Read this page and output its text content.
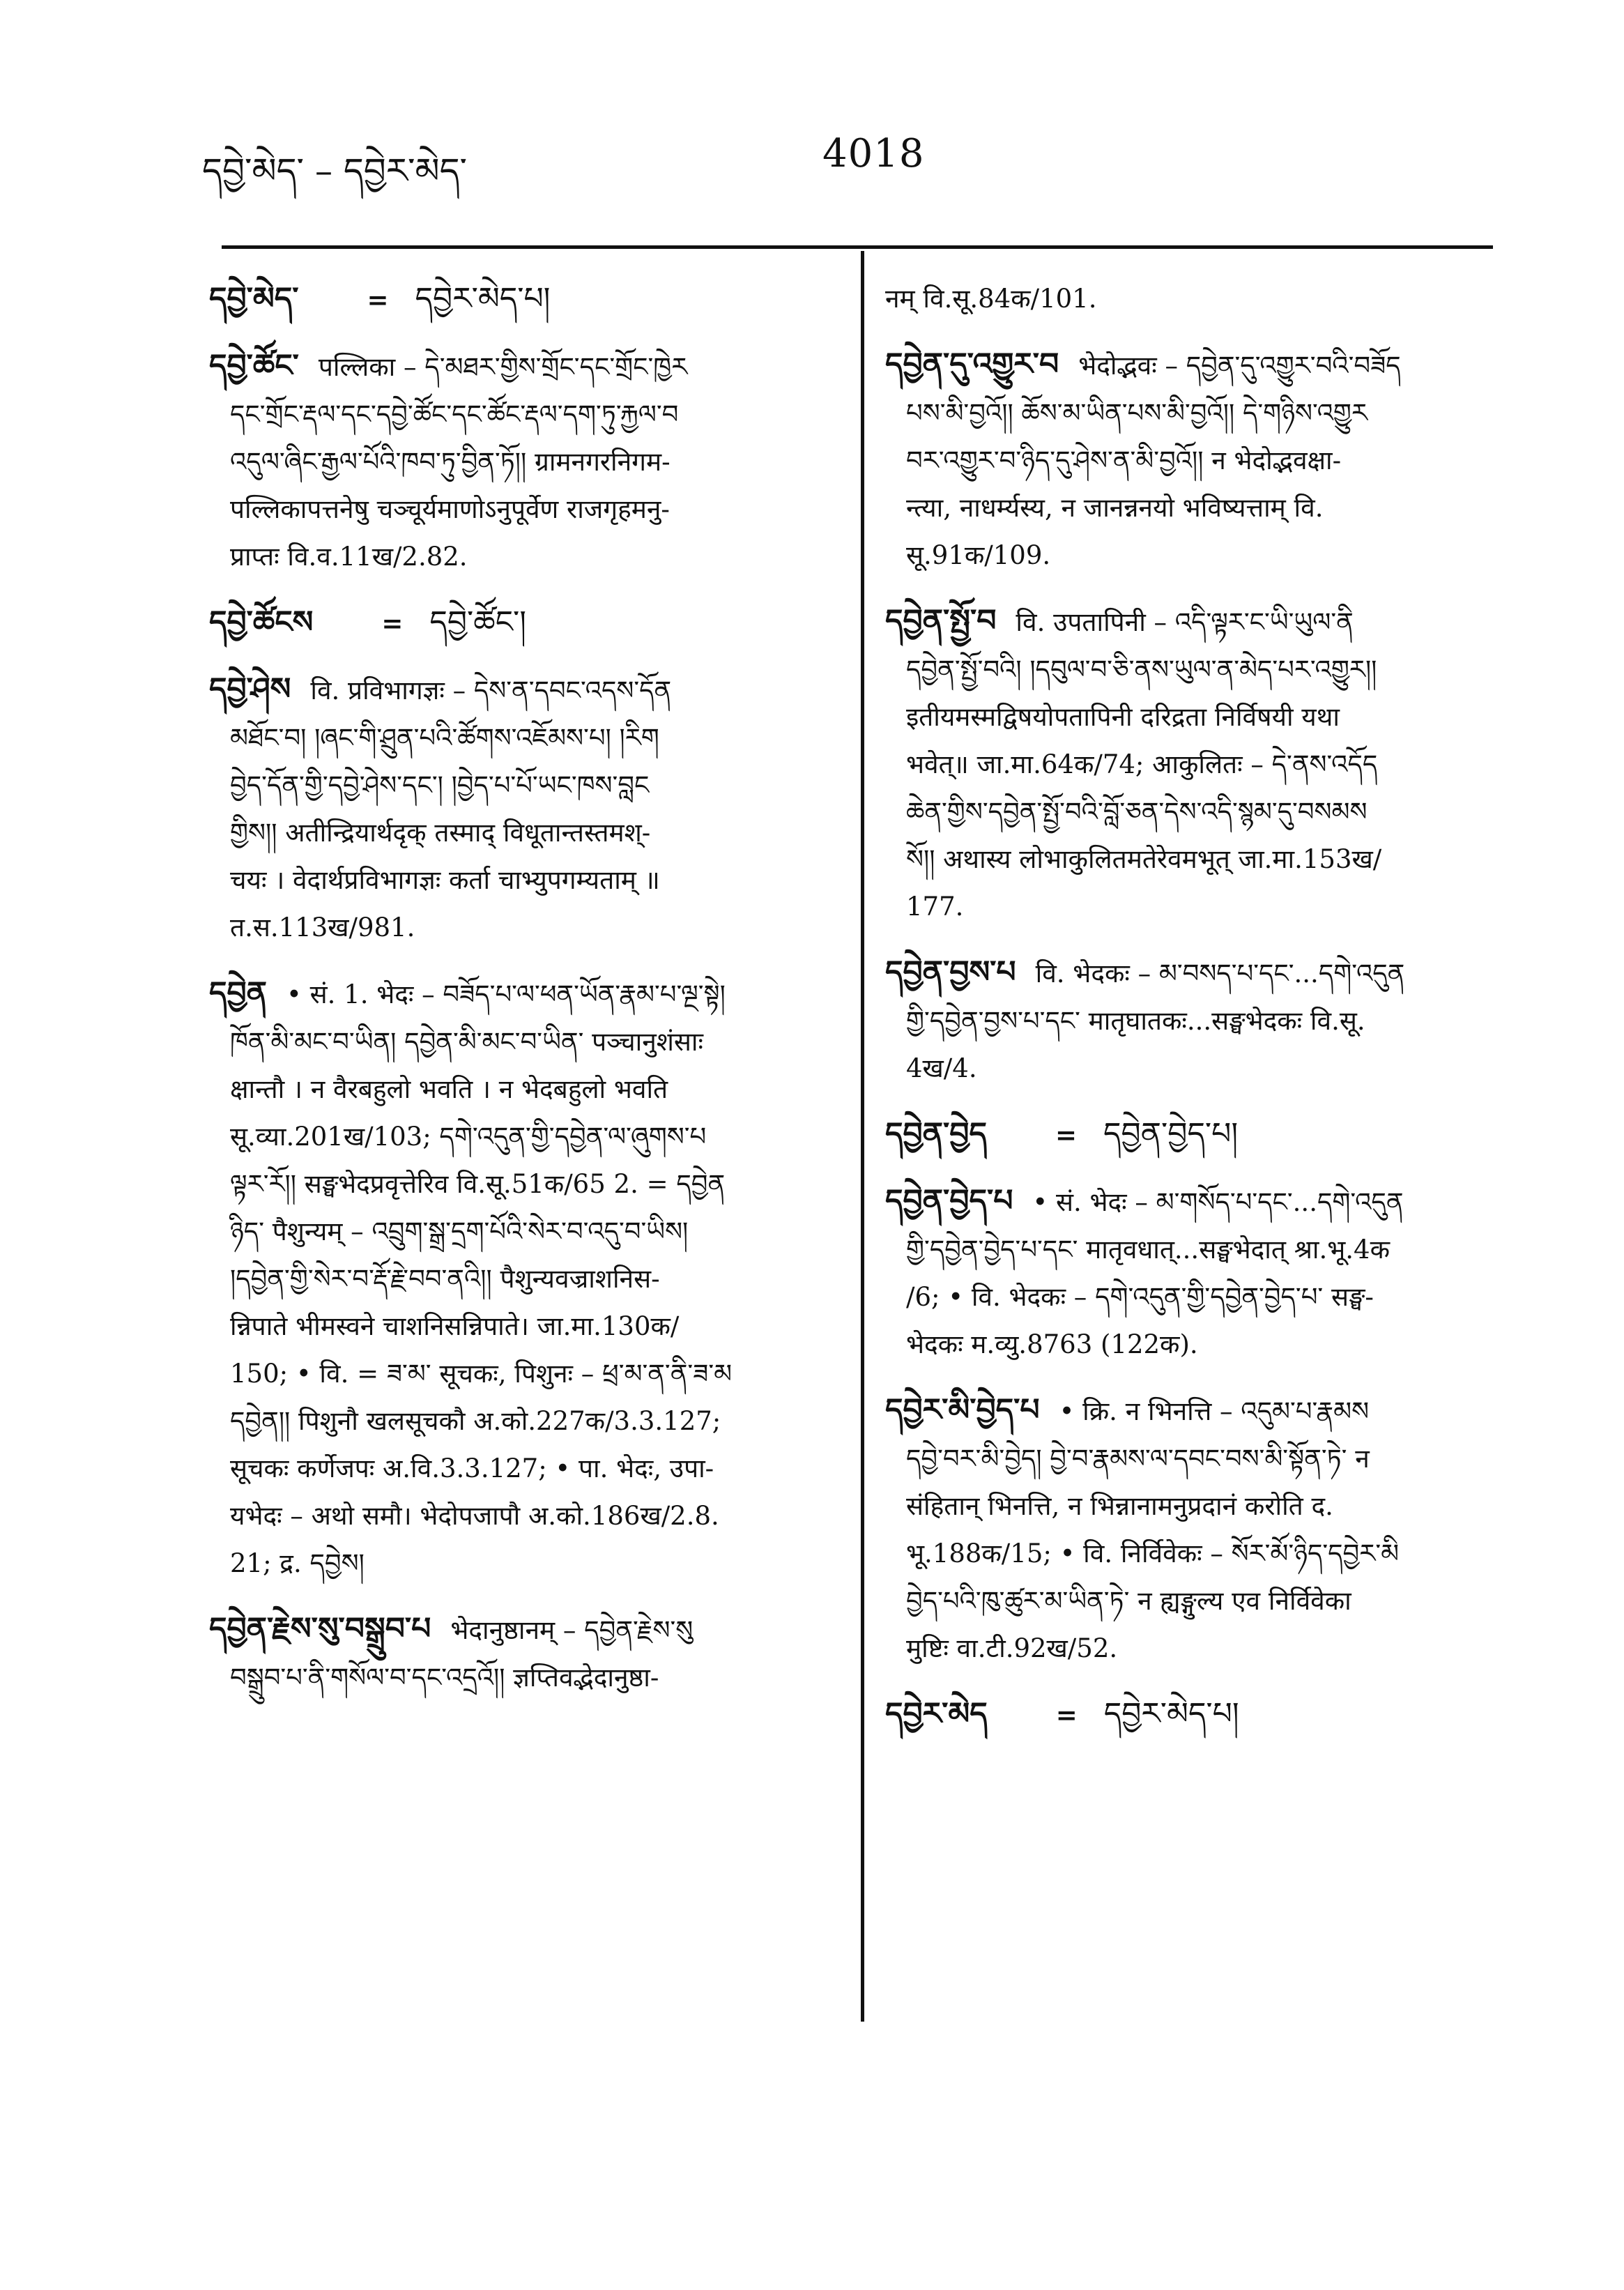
དབྱེ་མེད་ – དབྱེར་མེད་	4018

དབྱེ་མེད་	= དབྱེར་མེད་པ།

དབྱེ་ཚོང་ पल्लिका – དེ་མཐར་གྱིས་གྲོང་དང་གྲོང་ཁྱེར

དང་གྲོང་རྡལ་དང་དབྱེ་ཚོང་དང་ཚོང་རྡལ་དག་ཏུ་རྐྱལ་བ

འདུལ་ཞིང་རྒྱལ་པོའི་ཁབ་ཏུ་བྱིན་ཏོ།། ग्रामनगरनिगम-

पल्लिकापत्तनेषु चञ्चूर्यमाणोऽनुपूर्वेण राजगृहमनु-

प्राप्तः वि.व.11ख/2.82.

དབྱེ་ཚོངས	= དབྱེ་ཚོང་།

དབྱེ་ཤེས वि. प्रविभागज्ञः – དེས་ན་དབང་འདས་དོན

མཐོང་བ། །ཞང་གི་ཤྲུན་པའི་ཚོགས་འཇོམས་པ། །རིག

བྱེད་དོན་གྱི་དབྱེ་ཤེས་དང་། །བྱེད་པ་པོ་ཡང་ཁས་བླང

གྱིས།། अतीन्द्रियार्थदृक् तस्माद् विधूतान्तस्तमश्-

चयः । वेदार्थप्रविभागज्ञः कर्ता चाभ्युपगम्यताम् ॥

त.स.113ख/981.

དབྱེན • सं. 1. भेदः – བཟོད་པ་ལ་ཕན་ཡོན་རྣམ་པ་ལྔ་སྟེ།

ཁོན་མི་མང་བ་ཡིན། དབྱེན་མི་མང་བ་ཡིན་ पञ्चानुशंसाः

क्षान्तौ । न वैरबहुलो भवति । न भेदबहुलो भवति

सू.व्या.201ख/103; དགེ་འདུན་གྱི་དབྱེན་ལ་ཞུགས་པ

ལྟར་རོ།། सङ्घभेदप्रवृत्तेरिव वि.सू.51क/65 2. = དབྱེན

ཉིད་ पैशुन्यम् – འབྲུག་སྒྲ་དྲག་པོའི་སེར་བ་འདུ་བ་ཡིས།

།དབྱེན་གྱི་སེར་བ་རྡོ་རྗེ་བབ་ནའི།། पैशुन्यवज्राशनिस-

न्निपाते भीमस्वने चाशनिसन्निपाते। जा.मा.130क/

150; • वि. = ཟ་མ་ सूचकः, पिशुनः – ཕྲ་མ་ན་ནི་ཟ་མ

དབྱེན།། पिशुनौ खलसूचकौ अ.को.227क/3.3.127;

सूचकः कर्णेजपः अ.वि.3.3.127; • पा. भेदः, उपा-

यभेदः – अथो समौ। भेदोपजापौ अ.को.186ख/2.8.

21; द्र. དབྱེས།

དབྱེན་རྗེས་སུ་བསྒྲུབ་པ भेदानुष्ठानम् – དབྱེན་རྗེས་སུ

བསྒྲུབ་པ་ནི་གསོལ་བ་དང་འདྲའོ།། ज्ञप्तिवद्भेदानुष्ठा-

नम् वि.सू.84क/101.

དབྱེན་དུ་འགྱུར་བ भेदोद्भवः – དབྱེན་དུ་འགྱུར་བའི་བཟོད

པས་མི་བྱའོ།། ཆོས་མ་ཡིན་པས་མི་བྱའོ།། དེ་གཉིས་འགྱུར

བར་འགྱུར་བ་ཉིད་དུ་ཤེས་ན་མི་བྱའོ།། न भेदोद्भवक्षा-

न्त्या, नाधर्म्यस्य, न जानन्ननयो भविष्यत्ताम् वि.

सू.91क/109.

དབྱེན་སྤྱོ་བ वि. उपतापिनी – འདི་ལྟར་ང་ཡི་ཡུལ་ནི

དབྱེན་སྤྱོ་བའི། །དབུལ་བ་ཅི་ནས་ཡུལ་ན་མེད་པར་འགྱུར།།

इतीयमस्मद्विषयोपतापिनी दरिद्रता निर्विषयी यथा

भवेत्॥ जा.मा.64क/74; आकुलितः – དེ་ནས་འདོད

ཆེན་གྱིས་དབྱེན་སྤྱོ་བའི་བློ་ཅན་དེས་འདི་སྙམ་དུ་བསམས

སོ།། अथास्य लोभाकुलितमतेरेवमभूत् जा.मा.153ख/

177.

དབྱེན་བྱས་པ वि. भेदकः – མ་བསད་པ་དང་...དགེ་འདུན

གྱི་དབྱེན་བྱས་པ་དང་ मातृघातकः...सङ्घभेदकः वि.सू.

4ख/4.

དབྱེན་བྱེད	= དབྱེན་བྱེད་པ།

དབྱེན་བྱེད་པ • सं. भेदः – མ་གསོད་པ་དང་...དགེ་འདུན

གྱི་དབྱེན་བྱེད་པ་དང་ मातृवधात्...सङ्घभेदात् श्रा.भू.4क

/6; • वि. भेदकः – དགེ་འདུན་གྱི་དབྱེན་བྱེད་པ་ सङ्घ-

भेदकः म.व्यु.8763 (122क).

དབྱེར་མི་བྱེད་པ • क्रि. न भिनत्ति – འདུམ་པ་རྣམས

དབྱེ་བར་མི་བྱེད། བྱེ་བ་རྣམས་ལ་དབང་བས་མི་སྟོན་ཏེ་ न

संहितान् भिनत्ति, न भिन्नानामनुप्रदानं करोति द.

भू.188क/15; • वि. निर्विवेकः – སོར་མོ་ཉིད་དབྱེར་མི

བྱེད་པའི་ཁུ་ཚུར་མ་ཡིན་ཏེ་ न ह्यङ्गुल्य एव निर्विवेका

मुष्टिः वा.टी.92ख/52.

དབྱེར་མེད	= དབྱེར་མེད་པ།
